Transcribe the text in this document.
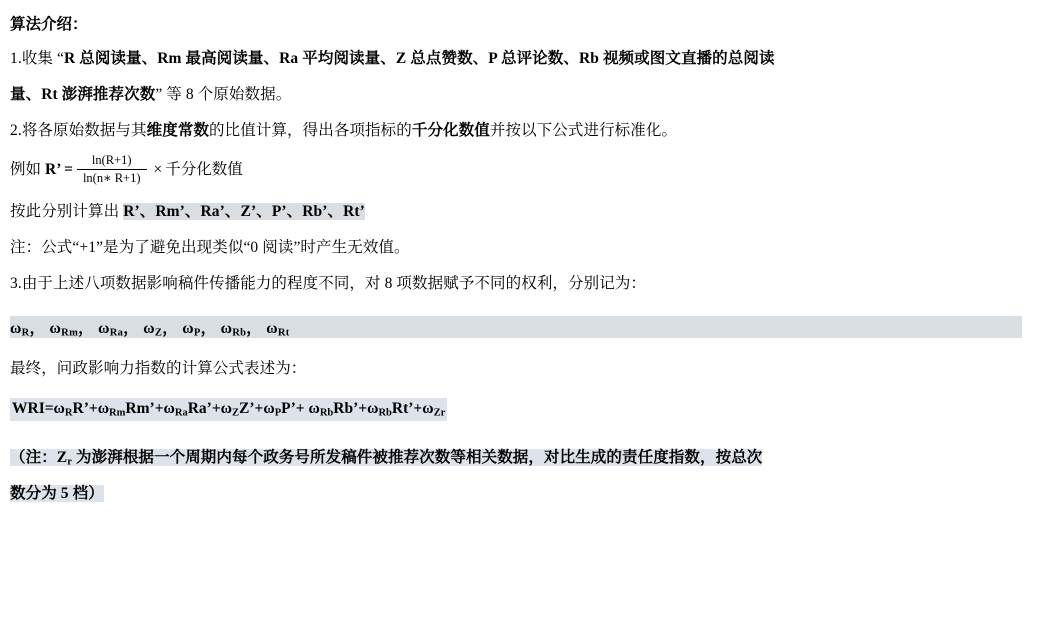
算法介绍：
1.收集 “R 总阅读量、Rm 最高阅读量、Ra 平均阅读量、Z 总点赞数、P 总评论数、Rb 视频或图文直播的总阅读
量、Rt 澎湃推荐次数” 等 8 个原始数据。
2.将各原始数据与其维度常数的比值计算，得出各项指标的千分化数值并按以下公式进行标准化。
例如 R’ = $\frac{\ln(R+1)}{\ln(n∗ R+1)}$ × 千分化数值
按此分别计算出 R’、Rm’、Ra’、Z’、P’、Rb’、Rt’
注：公式“+1”是为了避免出现类似“0 阅读”时产生无效值。
3.由于上述八项数据影响稿件传播能力的程度不同，对 8 项数据赋予不同的权利，分别记为：
$\omega_R$， $\omega_{Rm}$， $\omega_{Ra}$， $\omega_Z$， $\omega_P$， $\omega_{Rb}$， $\omega_{Rt}$
最终，问政影响力指数的计算公式表述为：
$WRI=\omega_RR’+\omega_{Rm}Rm’+\omega_{Ra}Ra’+\omega_ZZ’+\omega_PP’+$ $\omega_{Rb}Rb’+\omega_{Rb}Rt’+\omega_{Zr}$
（注：$Z_r$ 为澎湃根据一个周期内每个政务号所发稿件被推荐次数等相关数据，对比生成的责任度指数，按总次
数分为 5 档）
